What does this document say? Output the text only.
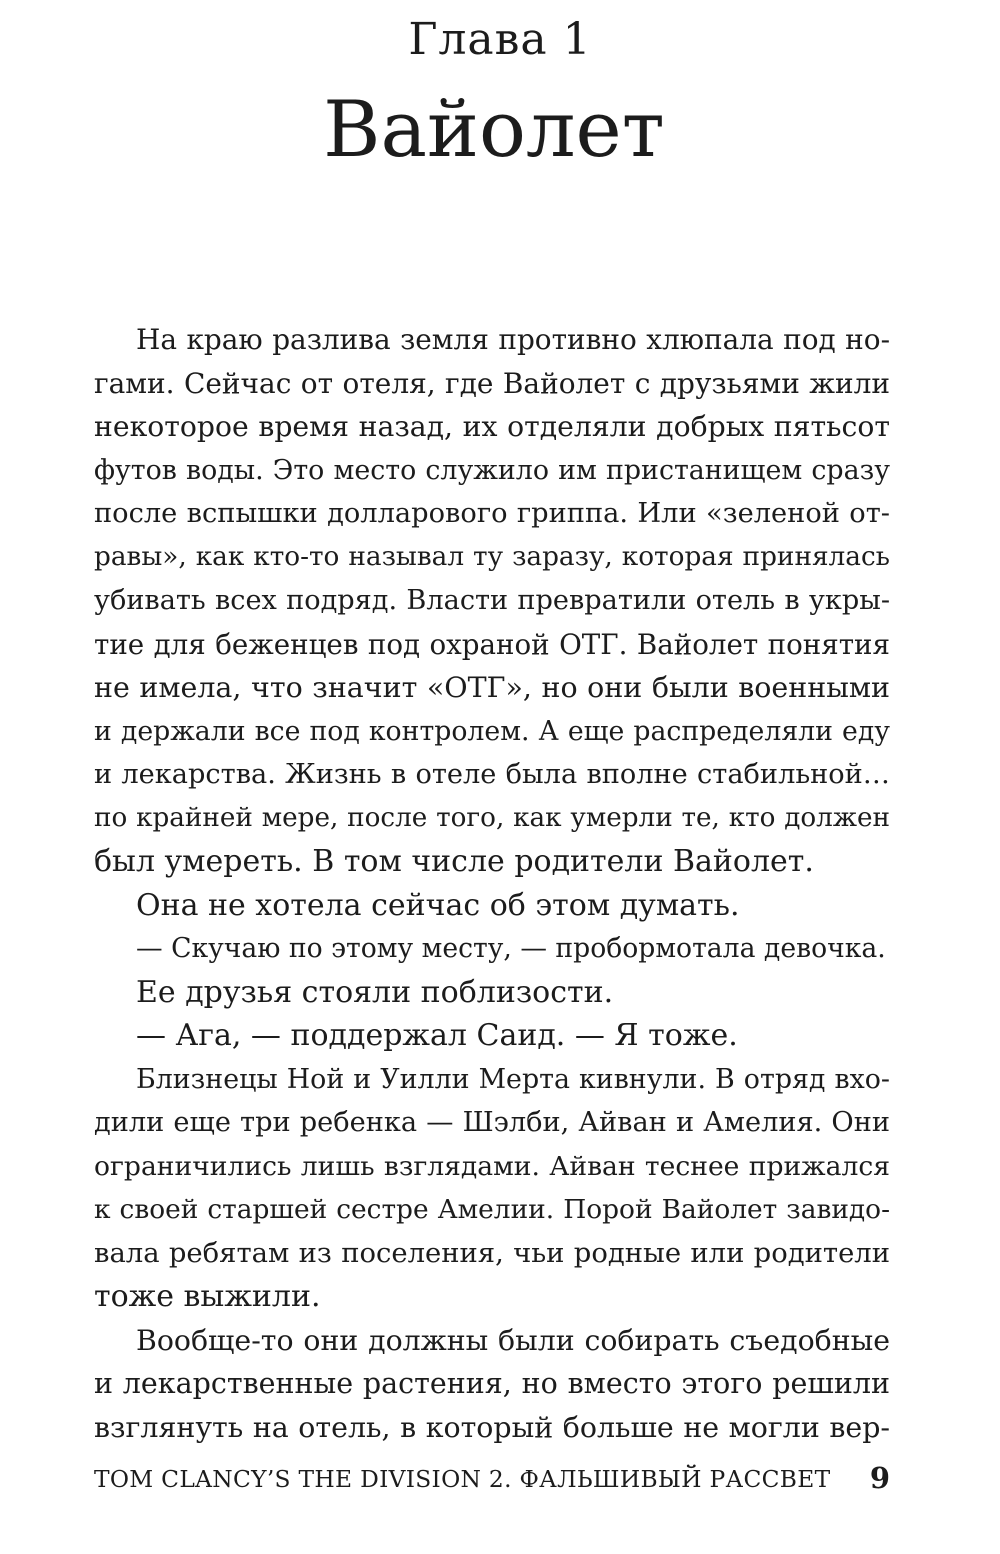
Глава 1
Вайолет
На краю разлива земля противно хлюпала под но-
гами. Сейчас от отеля, где Вайолет с друзьями жили
некоторое время назад, их отделяли добрых пятьсот
футов воды. Это место служило им пристанищем сразу
после вспышки долларового гриппа. Или «зеленой от-
равы», как кто-то называл ту заразу, которая принялась
убивать всех подряд. Власти превратили отель в укры-
тие для беженцев под охраной ОТГ. Вайолет понятия
не имела, что значит «ОТГ», но они были военными
и держали все под контролем. А еще распределяли еду
и лекарства. Жизнь в отеле была вполне стабильной…
по крайней мере, после того, как умерли те, кто должен
был умереть. В том числе родители Вайолет.
Она не хотела сейчас об этом думать.
— Скучаю по этому месту, — пробормотала девочка.
Ее друзья стояли поблизости.
— Ага, — поддержал Саид. — Я тоже.
Близнецы Ной и Уилли Мерта кивнули. В отряд вхо-
дили еще три ребенка — Шэлби, Айван и Амелия. Они
ограничились лишь взглядами. Айван теснее прижался
к своей старшей сестре Амелии. Порой Вайолет завидо-
вала ребятам из поселения, чьи родные или родители
тоже выжили.
Вообще-то они должны были собирать съедобные
и лекарственные растения, но вместо этого решили
взглянуть на отель, в который больше не могли вер-
TOM CLANCY’S THE DIVISION 2. ФАЛЬШИВЫЙ РАССВЕТ 9
